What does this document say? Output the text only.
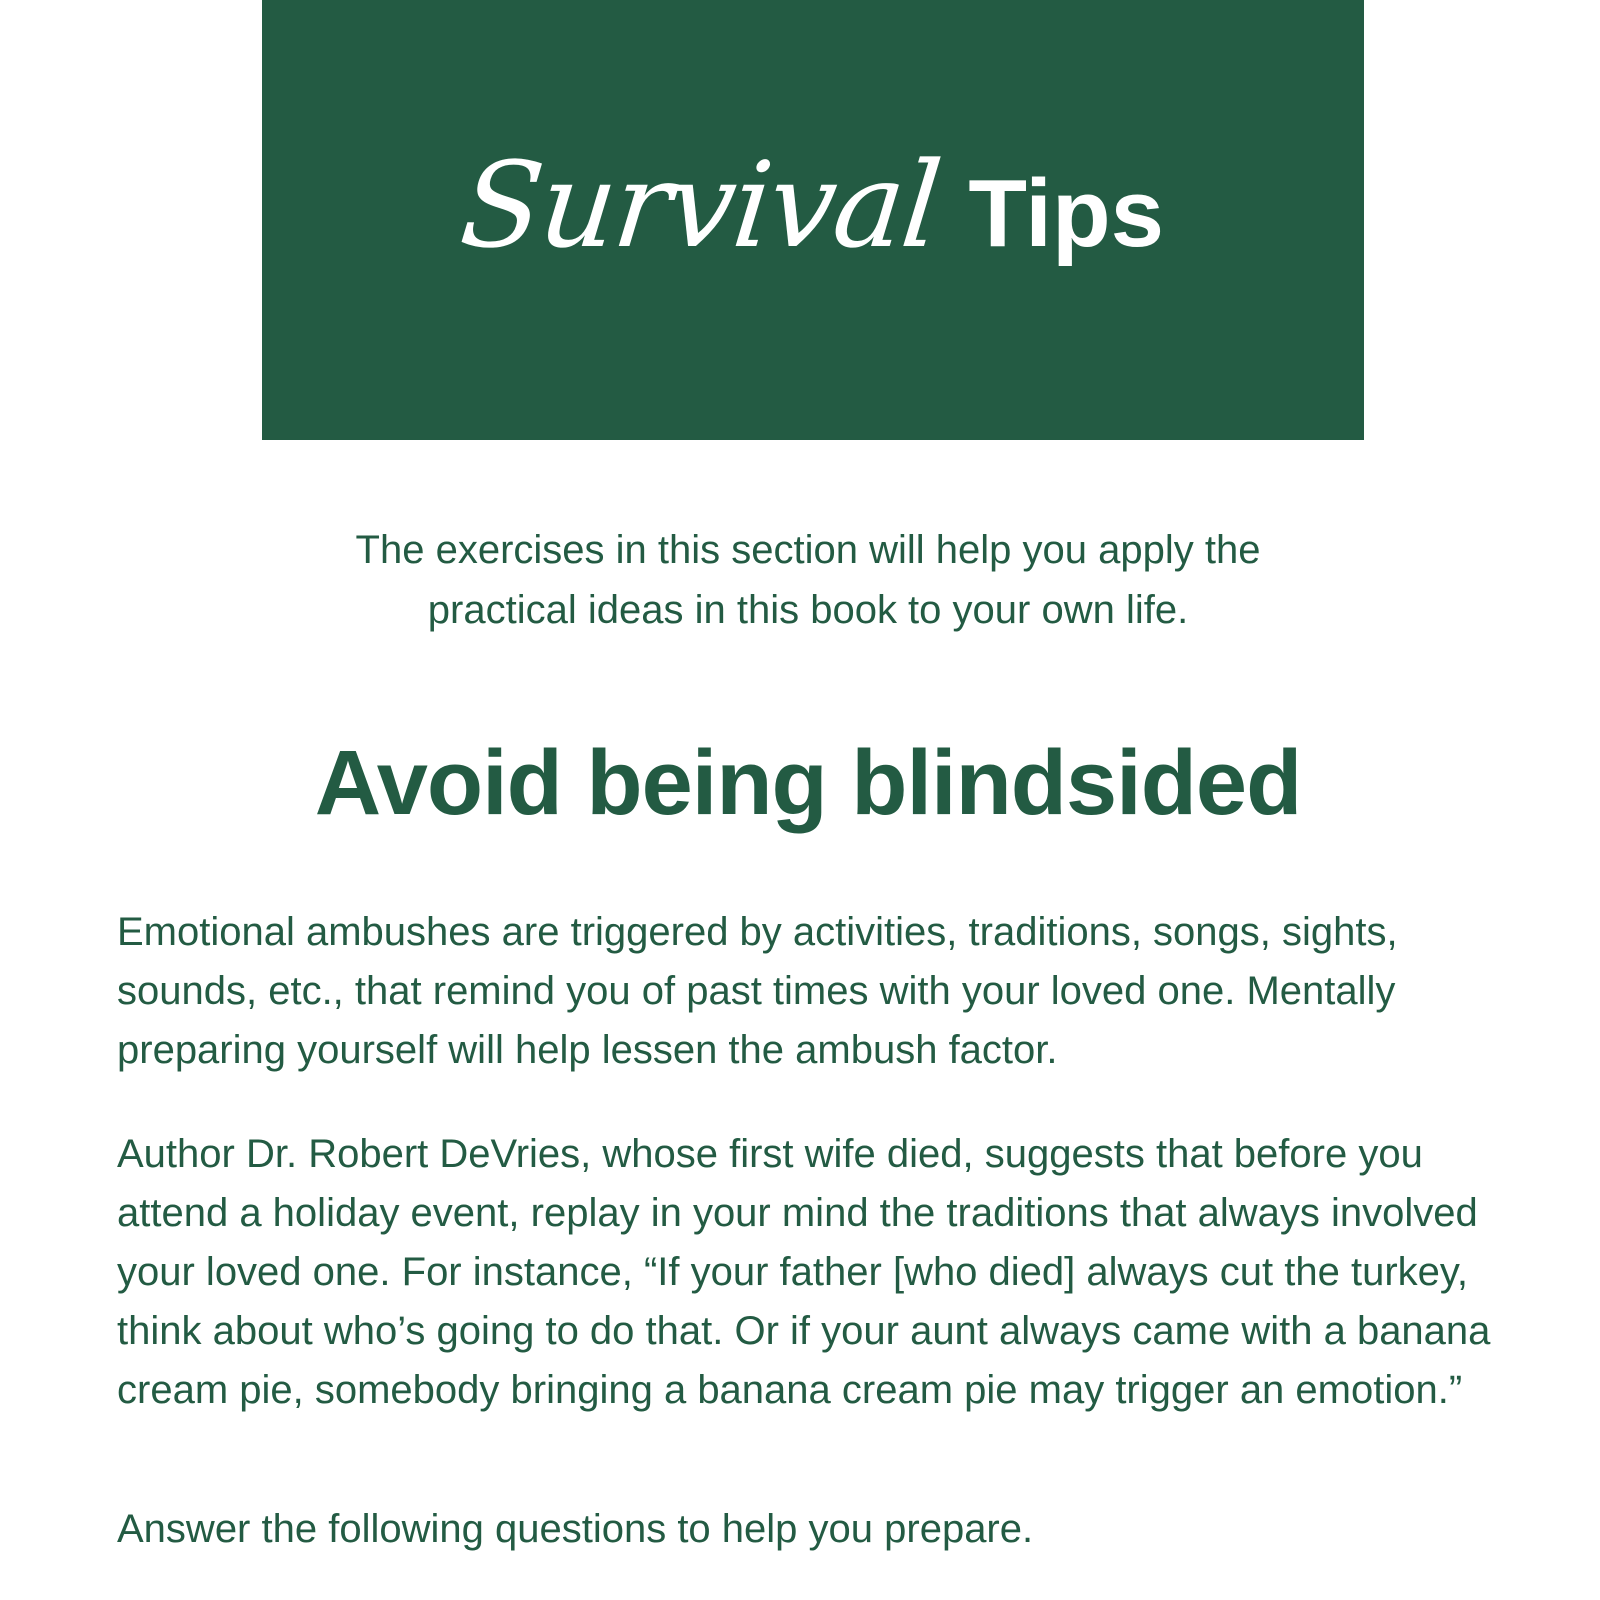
Survival Tips
The exercises in this section will help you apply the
practical ideas in this book to your own life.
Avoid being blindsided

Emotional ambushes are triggered by activities, traditions, songs, sights, sounds, etc., that remind you of past times with your loved one. Mentally preparing yourself will help lessen the ambush factor.

Author Dr. Robert DeVries, whose first wife died, suggests that before you attend a holiday event, replay in your mind the traditions that always involved your loved one. For instance, “If your father [who died] always cut the turkey, think about who’s going to do that. Or if your aunt always came with a banana cream pie, somebody bringing a banana cream pie may trigger an emotion.”

Answer the following questions to help you prepare.
